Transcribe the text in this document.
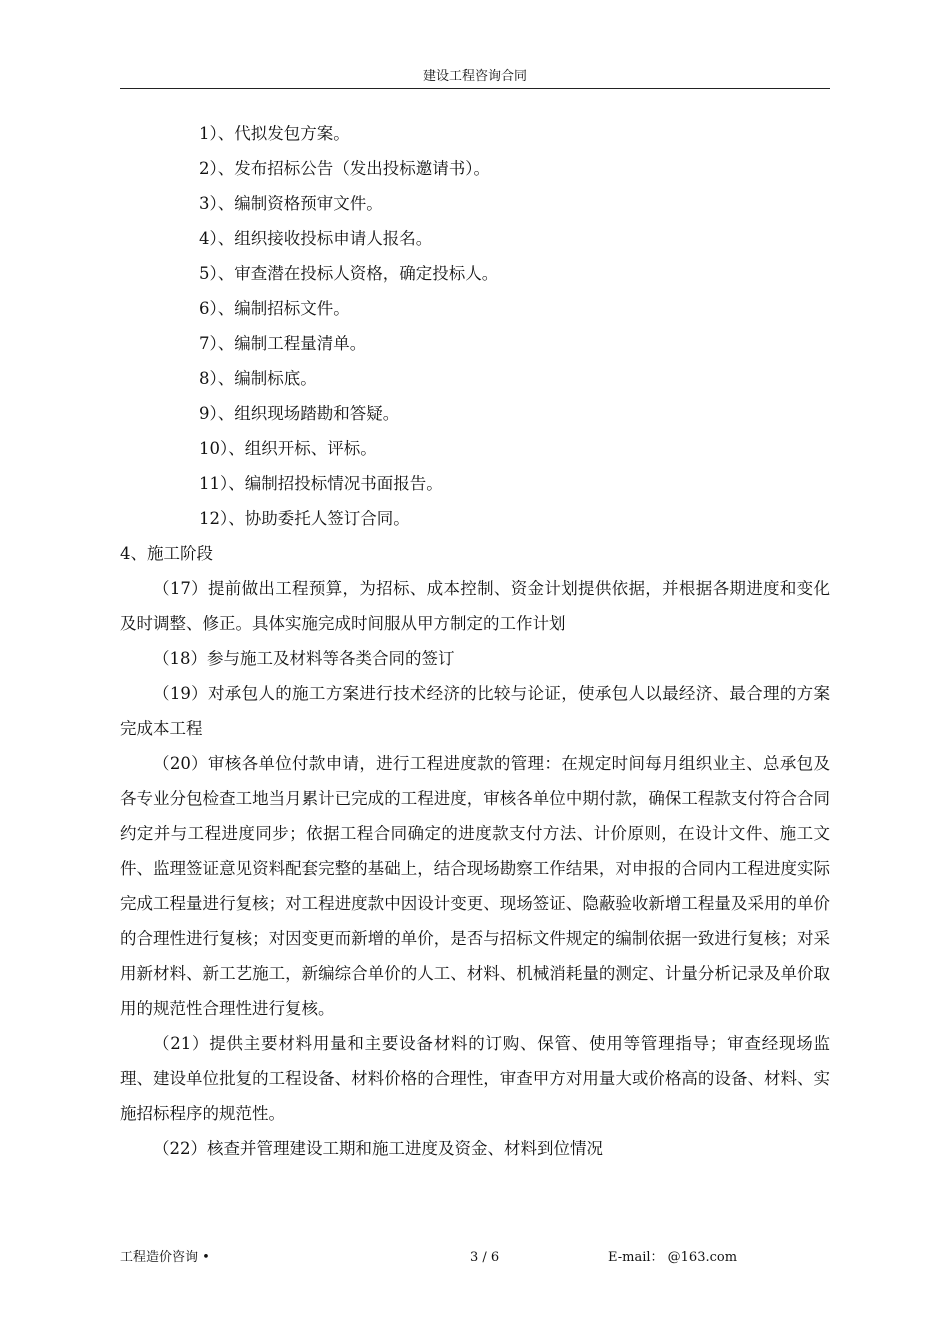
建设工程咨询合同
1）、代拟发包方案。
2）、发布招标公告（发出投标邀请书）。
3）、编制资格预审文件。
4）、组织接收投标申请人报名。
5）、审查潜在投标人资格，确定投标人。
6）、编制招标文件。
7）、编制工程量清单。
8）、编制标底。
9）、组织现场踏勘和答疑。
10）、组织开标、评标。
11）、编制招投标情况书面报告。
12）、协助委托人签订合同。
4、施工阶段

（17）提前做出工程预算，为招标、成本控制、资金计划提供依据，并根据各期进度和变化及时调整、修正。具体实施完成时间服从甲方制定的工作计划

（18）参与施工及材料等各类合同的签订

（19）对承包人的施工方案进行技术经济的比较与论证，使承包人以最经济、最合理的方案完成本工程

（20）审核各单位付款申请，进行工程进度款的管理：在规定时间每月组织业主、总承包及各专业分包检查工地当月累计已完成的工程进度，审核各单位中期付款，确保工程款支付符合合同约定并与工程进度同步；依据工程合同确定的进度款支付方法、计价原则，在设计文件、施工文件、监理签证意见资料配套完整的基础上，结合现场勘察工作结果，对申报的合同内工程进度实际完成工程量进行复核；对工程进度款中因设计变更、现场签证、隐蔽验收新增工程量及采用的单价的合理性进行复核；对因变更而新增的单价，是否与招标文件规定的编制依据一致进行复核；对采用新材料、新工艺施工，新编综合单价的人工、材料、机械消耗量的测定、计量分析记录及单价取用的规范性合理性进行复核。

（21）提供主要材料用量和主要设备材料的订购、保管、使用等管理指导；审查经现场监理、建设单位批复的工程设备、材料价格的合理性，审查甲方对用量大或价格高的设备、材料、实施招标程序的规范性。

（22）核查并管理建设工期和施工进度及资金、材料到位情况

工程造价咨询 •	3 / 6	E-mail： @163.com
